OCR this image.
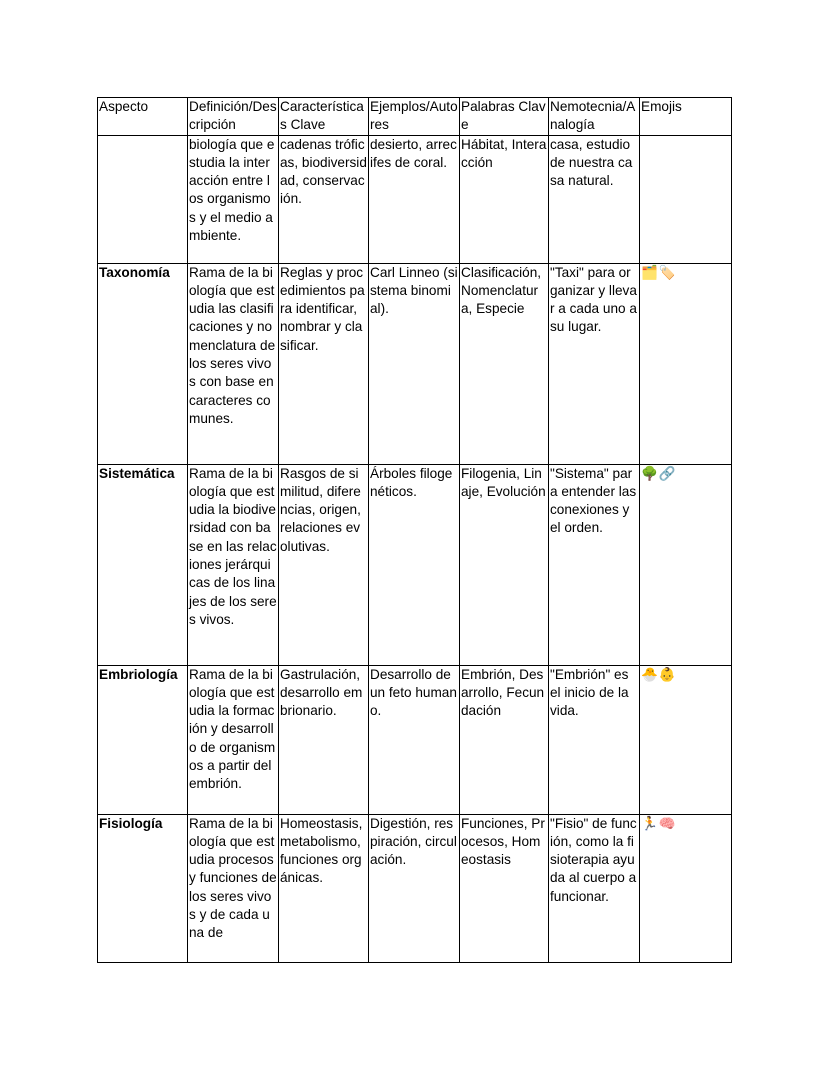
Aspecto	Definición/Descripción	Características Clave	Ejemplos/Autores	Palabras Clave	Nemotecnia/Analogía	Emojis
	biología que estudia la interacción entre los organismos y el medio ambiente.	cadenas tróficas, biodiversidad, conservación.	desierto, arrecifes de coral.	Hábitat, Interacción	casa, estudio de nuestra casa natural.	
Taxonomía	Rama de la biología que estudia las clasificaciones y nomenclatura de los seres vivos con base en caracteres comunes.	Reglas y procedimientos para identificar, nombrar y clasificar.	Carl Linneo (sistema binomial).	Clasificación, Nomenclatura, Especie	"Taxi" para organizar y llevar a cada uno a su lugar.	🗂️🏷️
Sistemática	Rama de la biología que estudia la biodiversidad con base en las relaciones jerárquicas de los linajes de los seres vivos.	Rasgos de similitud, diferencias, origen, relaciones evolutivas.	Árboles filogenéticos.	Filogenia, Linaje, Evolución	"Sistema" para entender las conexiones y el orden.	🌳🔗
Embriología	Rama de la biología que estudia la formación y desarrollo de organismos a partir del embrión.	Gastrulación, desarrollo embrionario.	Desarrollo de un feto humano.	Embrión, Desarrollo, Fecundación	"Embrión" es el inicio de la vida.	🐣👶
Fisiología	Rama de la biología que estudia procesos y funciones de los seres vivos y de cada una de	Homeostasis, metabolismo, funciones orgánicas.	Digestión, respiración, circulación.	Funciones, Procesos, Homeostasis	"Fisio" de función, como la fisioterapia ayuda al cuerpo a funcionar.	🏃🧠
